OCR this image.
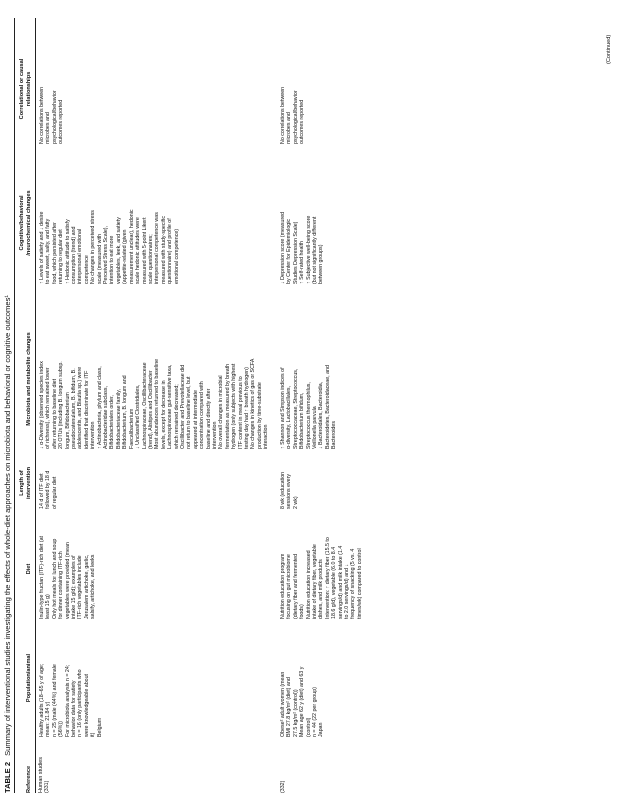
TABLE 2Summary of interventional studies investigating the effects of whole-diet approaches on microbiota and behavioral or cognitive outcomes¹
Reference
Population/animal
Diet
Length of intervention
Microbiota and metabolite changes
Cognitive/behavioral /neurochemical changes
Correlational or causal relationships
Human studies (331)
Healthy adults (18–65 y of age; mean: 21.84 y) n = 25 (male (44%) and female (56%)) For microbiota analysis n = 24; behavior data for satiety n = 16 (only participants who were knowledgeable about it) Belgium
Inulin-type fructan (ITF)-rich diet (at least 15 g) Only hot meals for lunch and soup for dinner containing ITF-rich vegetables were provided (mean intake 15 g/d); examples of ITF-rich vegetables include Jerusalem artichoke, garlic, salsify, artichoke, and leeks
14 d of ITF diet followed by 18 d of regular diet
↓ α-Diversity (observed species index of richness), which remained lower after returning to baseline diet 20 OTUs (including B. longum subsp. longum, Bifidobacterium pseudocatenulatum, B. bifidum, B. adolescentis, and Blautia sp.) were identified that discriminate for ITF intervention ↑ Actinobacteria, phylum and class, Actinobacteridae subclass, Bifidobacteriales order, Bifidobacteriaceae family, Bifidobacterium, B. longum and Faecalibacterium ↓ Unclassified Clostridiales, Lachnospiraceae, Oscillibacteraceae (trend), Alistipes and Oscillibacter Most abundances returned to baseline levels, except for decrease in Lachnospiraceae gut-sensitive taxa, which remained decreased; Oscillibacter and Prevotellaceae did not return to baseline level, but appeared at intermediate concentration compared with baseline and directly after intervention No overall changes in microbial fermentation as measured by breath hydrogen (only subjects with highest ITF content in meal previous to testing day had ↑ breath hydrogen) No changes in kinetics of gas or SCFA production by time-substrate interaction
↑ Levels of satiety and ↓ desire to eat sweet, salty, and fatty food, which persisted after returning to regular diet ↑ Hedonic attitude to satisfy consumption (trend) and interpersonal emotional competence No changes in perceived stress scale (measured with Perceived Stress Scale), intention to eat more vegetables, leek, and satiety (appetite-related (given measurement unclear), hedonic scale hedonic attitudes were measured with 5-point Likert scale questionnaires; interpersonal competence was measured with study-specific questionnaire) and profile of emotional competence)
No correlations between microbes and psychological/behavior outcomes reported
(332)
Obese² adult women (mean BMI 27.8 kg/m² (diet) and 27.5 kg/m² (control)) Mean age 62 y (diet) and 63 y (control) n = 44 (22 per group) Japan
Nutrition education program focusing on gut microbiome (dietary fiber and fermented foods) Nutrition education increased intake of dietary fiber, vegetable dishes, and milk products Intervention: ↑ dietary fiber (15.5 to 18.6 g/d), vegetable (6.0 to 8.4 servings/d) and milk intake (1.4 to 2.0 servings/d) and ↓ frequency of snacking (5 vs. 4 times/wk) compared to control
8 wk (education sessions every 2 wk)
↑ Shannon and Simpson indices of α-diversity, Lactobacillales, Streptococcaceae, Streptococcus, Bifidobacterium bifidum, Streptococcus thermophilus, Veillonella parvula ↓ Bacteroidales, Bacteroidia, Bacteroidetes, Bacteroidaceae, and Bacteroides
↓ Depression score (measured by Center for Epidemiologic Studies Depression Scale) ↑ Self-rated health ↑ Subjective well-being score (but not significantly different between groups)
No correlations between microbes and psychological/behavior outcomes reported
(Continued)
